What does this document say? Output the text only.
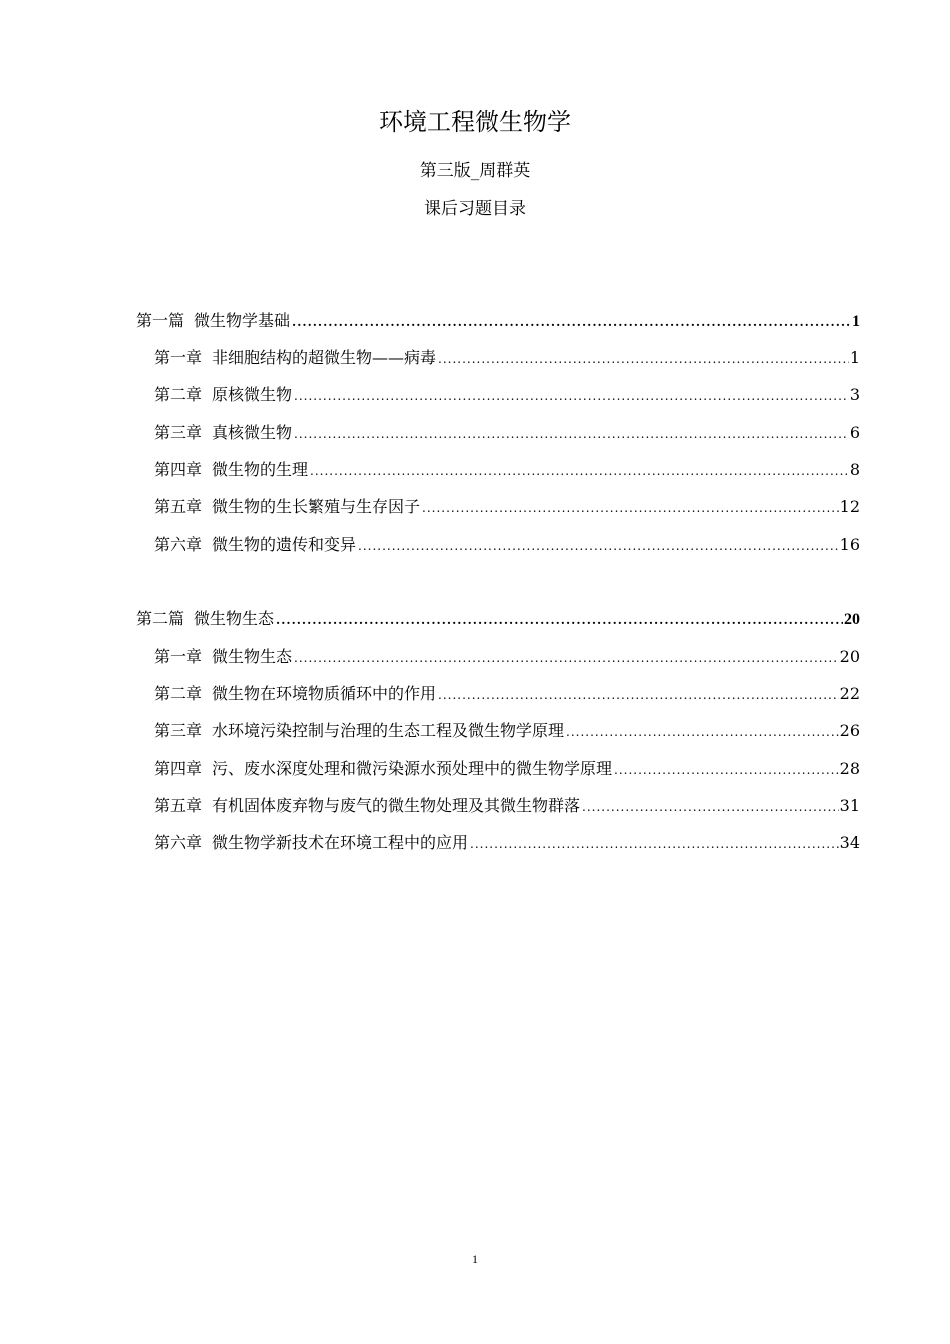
环境工程微生物学
第三版_周群英
课后习题目录
第一篇 微生物学基础 .....	1
第一章 非细胞结构的超微生物——病毒 .....	1
第二章 原核微生物 .....	3
第三章 真核微生物 .....	6
第四章 微生物的生理 .....	8
第五章 微生物的生长繁殖与生存因子 .....	12
第六章 微生物的遗传和变异 .....	16
第二篇 微生物生态 .....	20
第一章 微生物生态 .....	20
第二章 微生物在环境物质循环中的作用 .....	22
第三章 水环境污染控制与治理的生态工程及微生物学原理 .....	26
第四章 污、废水深度处理和微污染源水预处理中的微生物学原理 .....	28
第五章 有机固体废弃物与废气的微生物处理及其微生物群落 .....	31
第六章 微生物学新技术在环境工程中的应用 .....	34
1
